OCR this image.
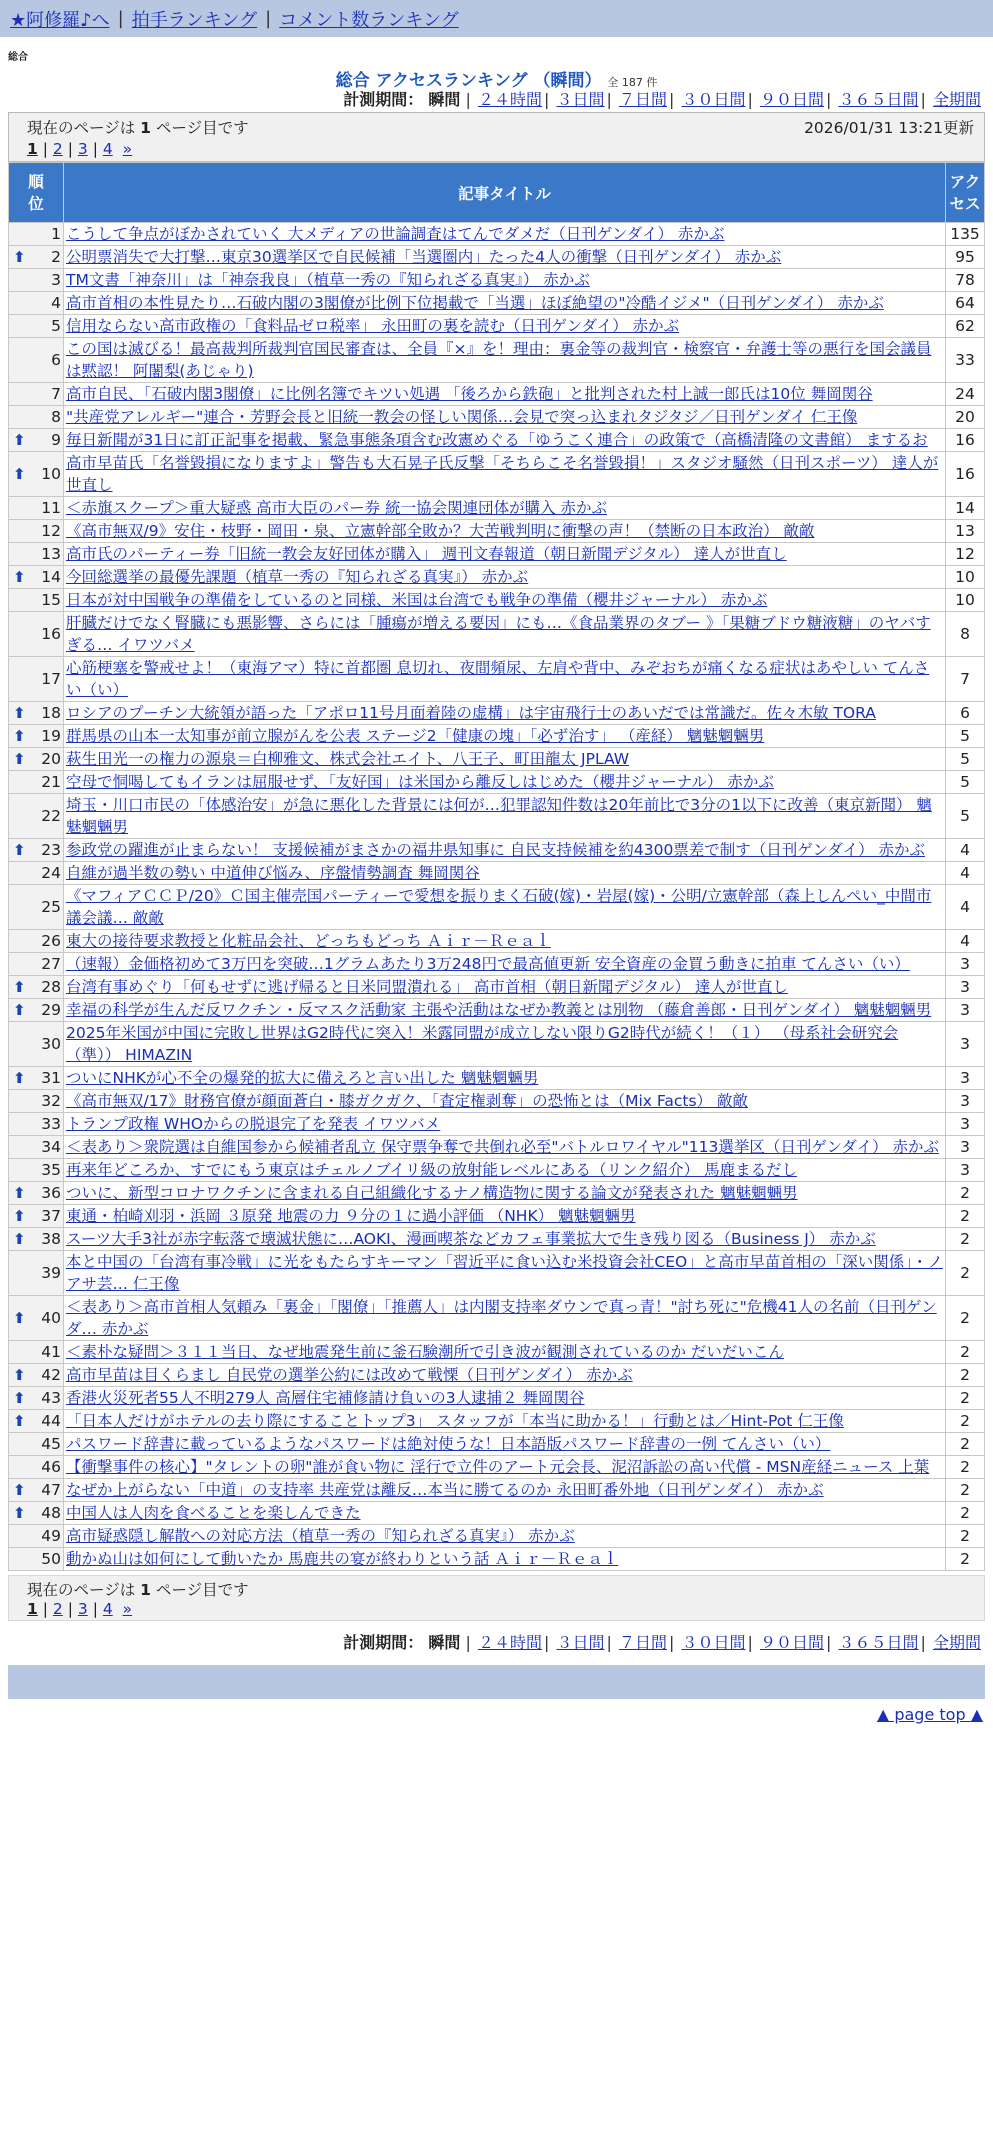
★阿修羅♪へ | 拍手ランキング | コメント数ランキング
総合
総合 アクセスランキング （瞬間） 全 187 件
計測期間： 瞬間 | ２４時間 | ３日間 | ７日間 | ３０日間 | ９０日間 | ３６５日間 | 全期間
現在のページは 1 ページ目です	2026/01/31 13:21更新
1 | 2 | 3 | 4 »
順位	記事タイトル	アクセス
1	こうして争点がぼかされていく 大メディアの世論調査はてんでダメだ（日刊ゲンダイ） 赤かぶ	135

⬆ 2	公明票消失で大打撃…東京30選挙区で自民候補「当選圏内」たった4人の衝撃（日刊ゲンダイ） 赤かぶ	95
3	TM文書「神奈川」は「神奈我良」（植草一秀の『知られざる真実』） 赤かぶ	78
4	高市首相の本性見たり…石破内閣の3閣僚が比例下位掲載で「当選」ほぼ絶望の"冷酷イジメ"（日刊ゲンダイ） 赤かぶ	64
5	信用ならない高市政権の「食料品ゼロ税率」 永田町の裏を読む（日刊ゲンダイ） 赤かぶ	62
6	この国は滅びる！最高裁判所裁判官国民審査は、全員『×』を！理由：裏金等の裁判官・検察官・弁護士等の悪行を国会議員は黙認！ 阿闍梨(あじゃり)	33
7	高市自民、「石破内閣3閣僚」に比例名簿でキツい処遇 「後ろから鉄砲」と批判された村上誠一郎氏は10位 舞岡関谷	24
8	"共産党アレルギー"連合・芳野会長と旧統一教会の怪しい関係…会見で突っ込まれタジタジ／日刊ゲンダイ 仁王像	20

⬆ 9	毎日新聞が31日に訂正記事を掲載、緊急事態条項含む改憲めぐる「ゆうこく連合」の政策で（高橋清隆の文書館） まするお	16

⬆ 10	高市早苗氏「名誉毀損になりますよ」警告も大石晃子氏反撃「そちらこそ名誉毀損！」スタジオ騒然（日刊スポーツ） 達人が世直し	16
11	＜赤旗スクープ＞重大疑惑 高市大臣のパー券 統一協会関連団体が購入 赤かぶ	14
12	《高市無双/9》安住・枝野・岡田・泉、立憲幹部全敗か？大苦戦判明に衝撃の声！（禁断の日本政治） 敵敵	13
13	高市氏のパーティー券「旧統一教会友好団体が購入」 週刊文春報道（朝日新聞デジタル） 達人が世直し	12

⬆ 14	今回総選挙の最優先課題（植草一秀の『知られざる真実』） 赤かぶ	10
15	日本が対中国戦争の準備をしているのと同様、米国は台湾でも戦争の準備（櫻井ジャーナル） 赤かぶ	10
16	肝臓だけでなく腎臓にも悪影響、さらには「腫瘍が増える要因」にも…《食品業界のタブー 》「果糖ブドウ糖液糖」のヤバすぎる… イワツバメ	8
17	心筋梗塞を警戒せよ！（東海アマ）特に首都圏 息切れ、夜間頻尿、左肩や背中、みぞおちが痛くなる症状はあやしい てんさい（い）	7

⬆ 18	ロシアのプーチン大統領が語った「アポロ11号月面着陸の虚構」は宇宙飛行士のあいだでは常識だ。佐々木敏 TORA	6

⬆ 19	群馬県の山本一太知事が前立腺がんを公表 ステージ2「健康の塊」「必ず治す」 （産経） 魑魅魍魎男	5

⬆ 20	萩生田光一の権力の源泉＝白柳雅文、株式会社エイト、八王子、町田龍太 JPLAW	5
21	空母で恫喝してもイランは屈服せず、「友好国」は米国から離反しはじめた（櫻井ジャーナル） 赤かぶ	5
22	埼玉・川口市民の「体感治安」が急に悪化した背景には何が…犯罪認知件数は20年前比で3分の1以下に改善（東京新聞） 魑魅魍魎男	5

⬆ 23	参政党の躍進が止まらない！ 支援候補がまさかの福井県知事に 自民支持候補を約4300票差で制す（日刊ゲンダイ） 赤かぶ	4
24	自維が過半数の勢い 中道伸び悩み、序盤情勢調査 舞岡関谷	4
25	《マフィアＣＣＰ/20》Ｃ国主催売国パーティーで愛想を振りまく石破(嫁)・岩屋(嫁)・公明/立憲幹部（森上しんぺい_中間市議会議… 敵敵	4
26	東大の接待要求教授と化粧品会社、どっちもどっち Ａｉｒ－Ｒｅａｌ	4
27	（速報）金価格初めて3万円を突破…1グラムあたり3万248円で最高値更新 安全資産の金買う動きに拍車 てんさい（い）	3

⬆ 28	台湾有事めぐり「何もせずに逃げ帰ると日米同盟潰れる」 高市首相（朝日新聞デジタル） 達人が世直し	3

⬆ 29	幸福の科学が生んだ反ワクチン・反マスク活動家 主張や活動はなぜか教義とは別物 （藤倉善郎・日刊ゲンダイ） 魑魅魍魎男	3
30	2025年米国が中国に完敗し世界はG2時代に突入！米露同盟が成立しない限りG2時代が続く！（１） （母系社会研究会（準）） HIMAZIN	3

⬆ 31	ついにNHKが心不全の爆発的拡大に備えろと言い出した 魑魅魍魎男	3
32	《高市無双/17》財務官僚が顔面蒼白・膝ガクガク、「査定権剥奪」の恐怖とは（Mix Facts） 敵敵	3
33	トランプ政権 WHOからの脱退完了を発表 イワツバメ	3
34	＜表あり＞衆院選は自維国参から候補者乱立 保守票争奪で共倒れ必至"バトルロワイヤル"113選挙区（日刊ゲンダイ） 赤かぶ	3
35	再来年どころか、すでにもう東京はチェルノブイリ級の放射能レベルにある（リンク紹介） 馬鹿まるだし	3

⬆ 36	ついに、新型コロナワクチンに含まれる自己組織化するナノ構造物に関する論文が発表された 魑魅魍魎男	2

⬆ 37	東通・柏崎刈羽・浜岡 ３原発 地震の力 ９分の１に過小評価 （NHK） 魑魅魍魎男	2

⬆ 38	スーツ大手3社が赤字転落で壊滅状態に…AOKI、漫画喫茶などカフェ事業拡大で生き残り図る（Business J） 赤かぶ	2
39	本と中国の「台湾有事冷戦」に光をもたらすキーマン「習近平に食い込む米投資会社CEO」と高市早苗首相の「深い関係」・ノアサ芸… 仁王像	2

⬆ 40	＜表あり＞高市首相人気頼み「裏金」「閣僚」「推薦人」は内閣支持率ダウンで真っ青！"討ち死に"危機41人の名前（日刊ゲンダ… 赤かぶ	2
41	＜素朴な疑問＞３１１当日、なぜ地震発生前に釜石験潮所で引き波が観測されているのか だいだいこん	2

⬆ 42	高市早苗は目くらまし 自民党の選挙公約には改めて戦慄（日刊ゲンダイ） 赤かぶ	2

⬆ 43	香港火災死者55人不明279人 高層住宅補修請け負いの3人逮捕２ 舞岡関谷	2

⬆ 44	「日本人だけがホテルの去り際にすることトップ3」 スタッフが「本当に助かる！」行動とは／Hint-Pot 仁王像	2
45	パスワード辞書に載っているようなパスワードは絶対使うな！日本語版パスワード辞書の一例 てんさい（い）	2
46	【衝撃事件の核心】"タレントの卵"誰が食い物に 淫行で立件のアート元会長、泥沼訴訟の高い代償 - MSN産経ニュース 上葉	2

⬆ 47	なぜか上がらない「中道」の支持率 共産党は離反…本当に勝てるのか 永田町番外地（日刊ゲンダイ） 赤かぶ	2

⬆ 48	中国人は人肉を食べることを楽しんできた	2
49	高市疑惑隠し解散への対応方法（植草一秀の『知られざる真実』） 赤かぶ	2
50	動かぬ山は如何にして動いたか 馬鹿共の宴が終わりという話 Ａｉｒ－Ｒｅａｌ	2
現在のページは 1 ページ目です
1 | 2 | 3 | 4 »
計測期間： 瞬間 | ２４時間 | ３日間 | ７日間 | ３０日間 | ９０日間 | ３６５日間 | 全期間
▲ page top ▲
